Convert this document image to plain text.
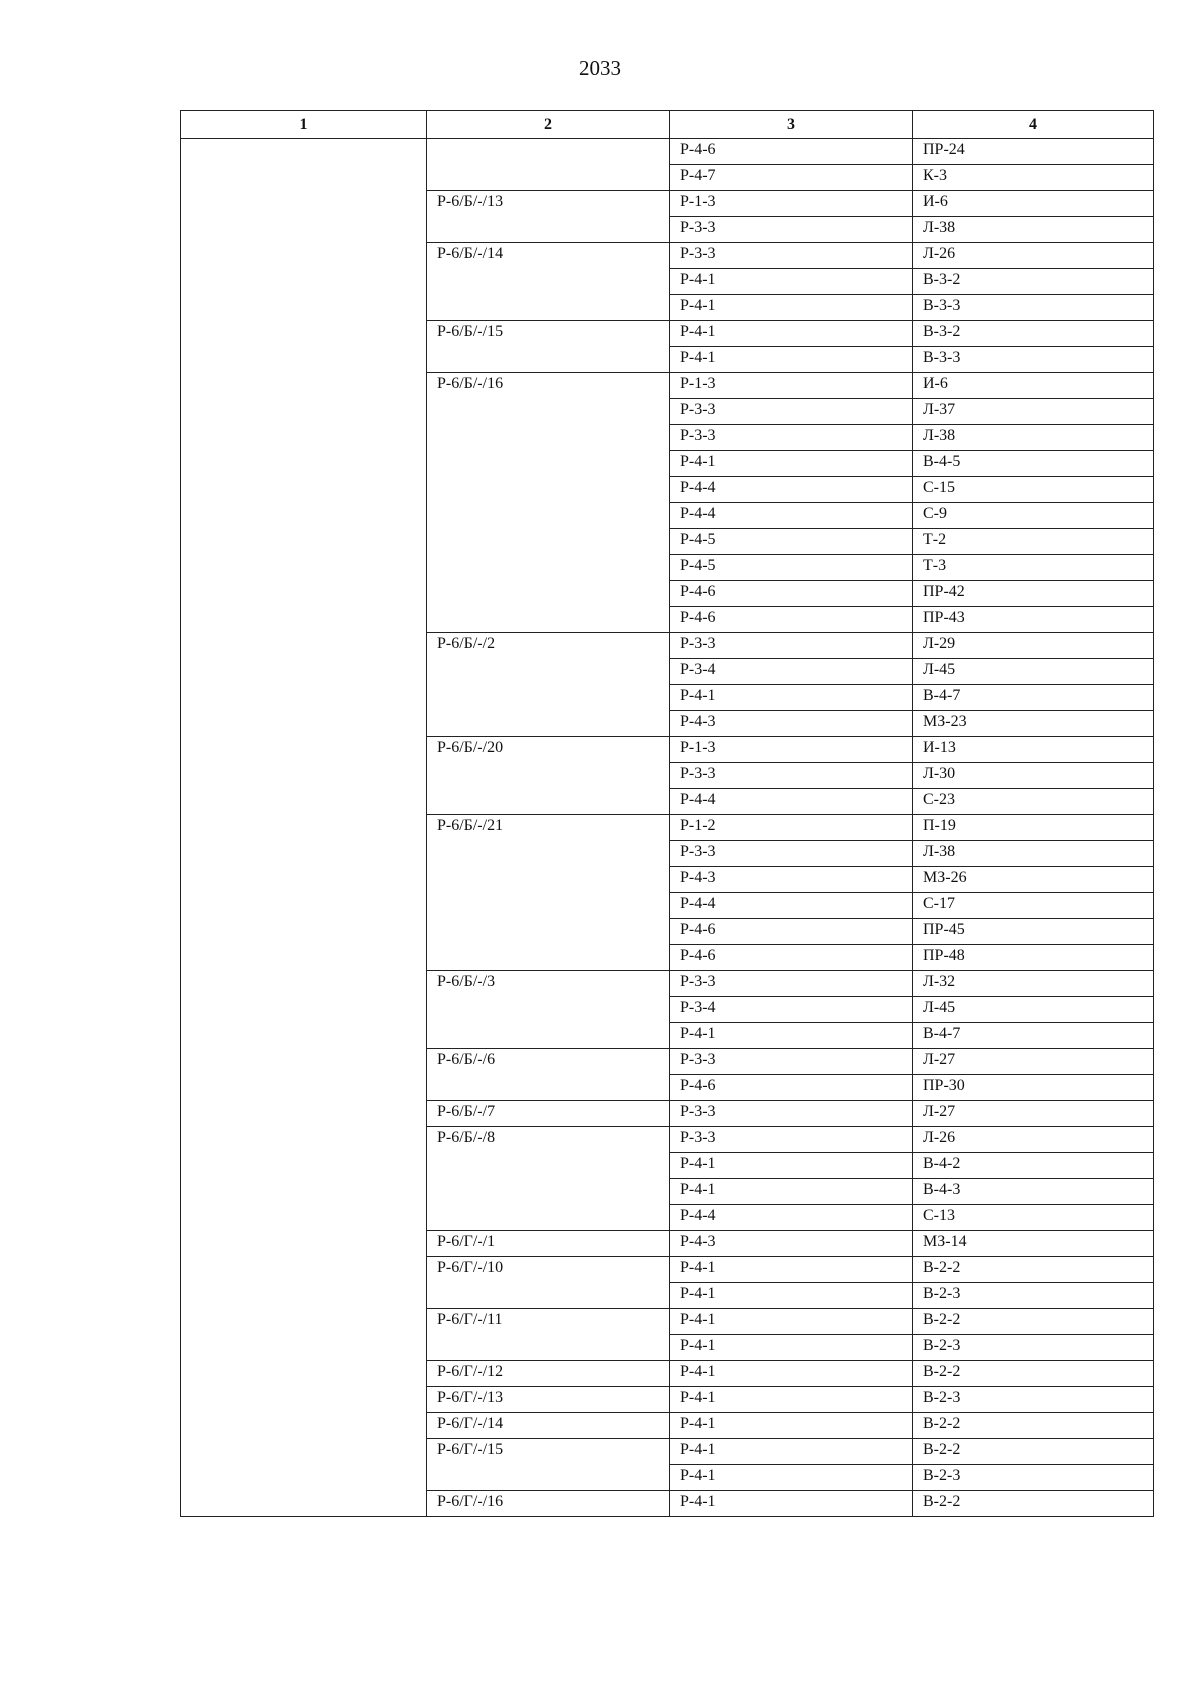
2033
1	2	3	4
		Р-4-6	ПР-24
		Р-4-7	К-3
	Р-6/Б/-/13	Р-1-3	И-6
		Р-3-3	Л-38
	Р-6/Б/-/14	Р-3-3	Л-26
		Р-4-1	В-3-2
		Р-4-1	В-3-3
	Р-6/Б/-/15	Р-4-1	В-3-2
		Р-4-1	В-3-3
	Р-6/Б/-/16	Р-1-3	И-6
		Р-3-3	Л-37
		Р-3-3	Л-38
		Р-4-1	В-4-5
		Р-4-4	С-15
		Р-4-4	С-9
		Р-4-5	Т-2
		Р-4-5	Т-3
		Р-4-6	ПР-42
		Р-4-6	ПР-43
	Р-6/Б/-/2	Р-3-3	Л-29
		Р-3-4	Л-45
		Р-4-1	В-4-7
		Р-4-3	МЗ-23
	Р-6/Б/-/20	Р-1-3	И-13
		Р-3-3	Л-30
		Р-4-4	С-23
	Р-6/Б/-/21	Р-1-2	П-19
		Р-3-3	Л-38
		Р-4-3	МЗ-26
		Р-4-4	С-17
		Р-4-6	ПР-45
		Р-4-6	ПР-48
	Р-6/Б/-/3	Р-3-3	Л-32
		Р-3-4	Л-45
		Р-4-1	В-4-7
	Р-6/Б/-/6	Р-3-3	Л-27
		Р-4-6	ПР-30
	Р-6/Б/-/7	Р-3-3	Л-27
	Р-6/Б/-/8	Р-3-3	Л-26
		Р-4-1	В-4-2
		Р-4-1	В-4-3
		Р-4-4	С-13
	Р-6/Г/-/1	Р-4-3	МЗ-14
	Р-6/Г/-/10	Р-4-1	В-2-2
		Р-4-1	В-2-3
	Р-6/Г/-/11	Р-4-1	В-2-2
		Р-4-1	В-2-3
	Р-6/Г/-/12	Р-4-1	В-2-2
	Р-6/Г/-/13	Р-4-1	В-2-3
	Р-6/Г/-/14	Р-4-1	В-2-2
	Р-6/Г/-/15	Р-4-1	В-2-2
		Р-4-1	В-2-3
	Р-6/Г/-/16	Р-4-1	В-2-2
